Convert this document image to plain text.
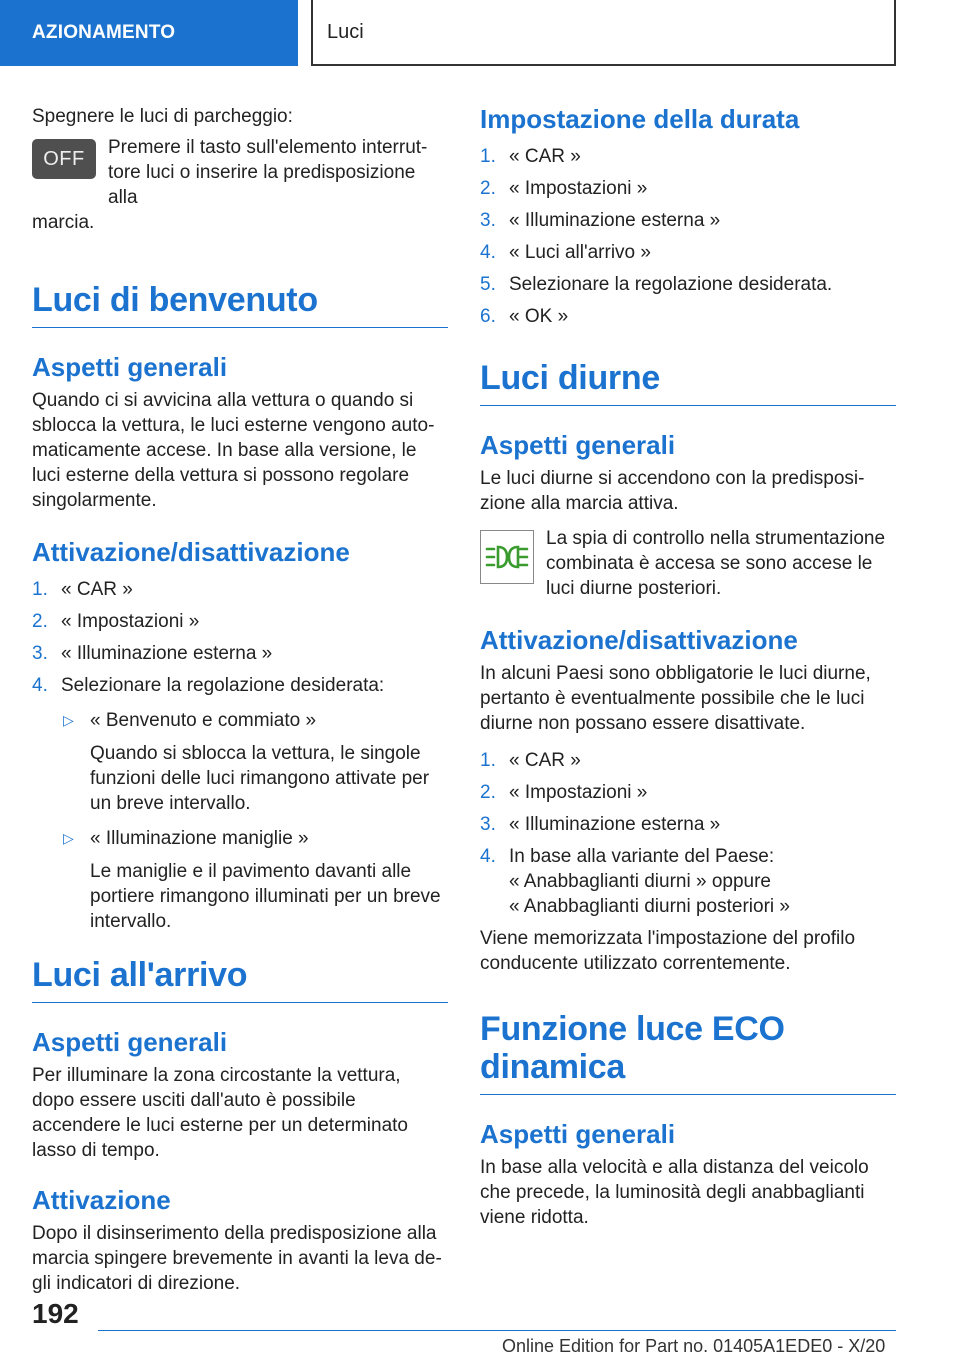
AZIONAMENTO	Luci

Spegnere le luci di parcheggio:

OFF	Premere il tasto sull'elemento interrut-

tore luci o inserire la predisposizione alla

marcia.

Luci di benvenuto
Aspetti generali

Quando ci si avvicina alla vettura o quando si sblocca la vettura, le luci esterne vengono automaticamente accese. In base alla versione, le luci esterne della vettura si possono regolare singolarmente.

Attivazione/disattivazione
1. « CAR »
2. « Impostazioni »
3. « Illuminazione esterna »
4. Selezionare la regolazione desiderata:
▷ « Benvenuto e commiato »

Quando si sblocca la vettura, le singole funzioni delle luci rimangono attivate per un breve intervallo.

▷ « Illuminazione maniglie »

Le maniglie e il pavimento davanti alle portiere rimangono illuminati per un breve intervallo.

Luci all'arrivo
Aspetti generali

Per illuminare la zona circostante la vettura, dopo essere usciti dall'auto è possibile accendere le luci esterne per un determinato lasso di tempo.

Attivazione

Dopo il disinserimento della predisposizione alla marcia spingere brevemente in avanti la leva degli indicatori di direzione.

Impostazione della durata
1. « CAR »
2. « Impostazioni »
3. « Illuminazione esterna »
4. « Luci all'arrivo »
5. Selezionare la regolazione desiderata.
6. « OK »
Luci diurne
Aspetti generali

Le luci diurne si accendono con la predisposizione alla marcia attiva.

La spia di controllo nella strumentazione combinata è accesa se sono accese le luci diurne posteriori.

Attivazione/disattivazione

In alcuni Paesi sono obbligatorie le luci diurne, pertanto è eventualmente possibile che le luci diurne non possano essere disattivate.

1. « CAR »
2. « Impostazioni »
3. « Illuminazione esterna »
4. In base alla variante del Paese:
« Anabbaglianti diurni » oppure
« Anabbaglianti diurni posteriori »

Viene memorizzata l'impostazione del profilo conducente utilizzato correntemente.

Funzione luce ECO
dinamica
Aspetti generali

In base alla velocità e alla distanza del veicolo che precede, la luminosità degli anabbaglianti viene ridotta.

192
Online Edition for Part no. 01405A1EDE0 - X/20
